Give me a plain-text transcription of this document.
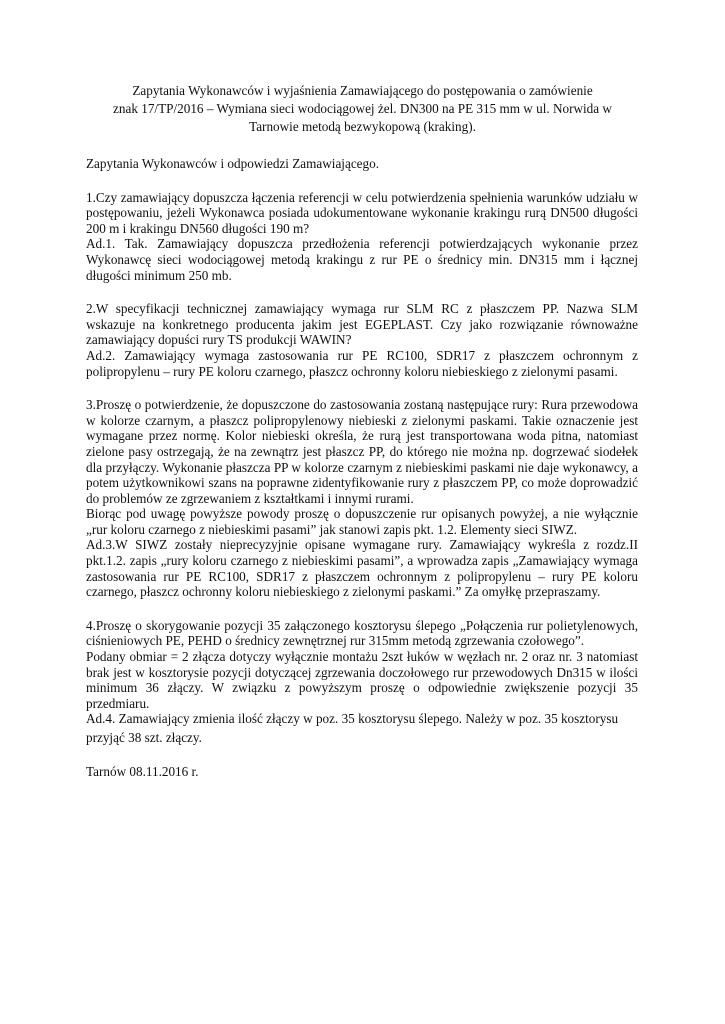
Zapytania Wykonawców i wyjaśnienia Zamawiającego do postępowania o zamówienie
znak 17/TP/2016 – Wymiana sieci wodociągowej żel. DN300 na PE 315 mm w ul. Norwida w
Tarnowie metodą bezwykopową (kraking).

Zapytania Wykonawców i odpowiedzi Zamawiającego.

1.Czy zamawiający dopuszcza łączenia referencji w celu potwierdzenia spełnienia warunków udziału w postępowaniu, jeżeli Wykonawca posiada udokumentowane wykonanie krakingu rurą DN500 długości 200 m i krakingu DN560 długości 190 m?

Ad.1. Tak. Zamawiający dopuszcza przedłożenia referencji potwierdzających wykonanie przez Wykonawcę sieci wodociągowej metodą krakingu z rur PE o średnicy min. DN315 mm i łącznej długości minimum 250 mb.

2.W specyfikacji technicznej zamawiający wymaga rur SLM RC z płaszczem PP. Nazwa SLM wskazuje na konkretnego producenta jakim jest EGEPLAST. Czy jako rozwiązanie równoważne zamawiający dopuści rury TS produkcji WAWIN?

Ad.2. Zamawiający wymaga zastosowania rur PE RC100, SDR17 z płaszczem ochronnym z polipropylenu – rury PE koloru czarnego, płaszcz ochronny koloru niebieskiego z zielonymi pasami.

3.Proszę o potwierdzenie, że dopuszczone do zastosowania zostaną następujące rury: Rura przewodowa w kolorze czarnym, a płaszcz polipropylenowy niebieski z zielonymi paskami. Takie oznaczenie jest wymagane przez normę. Kolor niebieski określa, że rurą jest transportowana woda pitna, natomiast zielone pasy ostrzegają, że na zewnątrz jest płaszcz PP, do którego nie można np. dogrzewać siodełek dla przyłączy. Wykonanie płaszcza PP w kolorze czarnym z niebieskimi paskami nie daje wykonawcy, a potem użytkownikowi szans na poprawne zidentyfikowanie rury z płaszczem PP, co może doprowadzić do problemów ze zgrzewaniem z kształtkami i innymi rurami.

Biorąc pod uwagę powyższe powody proszę o dopuszczenie rur opisanych powyżej, a nie wyłącznie „rur koloru czarnego z niebieskimi pasami” jak stanowi zapis pkt. 1.2. Elementy sieci SIWZ.

Ad.3.W SIWZ zostały nieprecyzyjnie opisane wymagane rury. Zamawiający wykreśla z rozdz.II pkt.1.2. zapis „rury koloru czarnego z niebieskimi pasami”, a wprowadza zapis „Zamawiający wymaga zastosowania rur PE RC100, SDR17 z płaszczem ochronnym z polipropylenu – rury PE koloru czarnego, płaszcz ochronny koloru niebieskiego z zielonymi paskami.” Za omyłkę przepraszamy.

4.Proszę o skorygowanie pozycji 35 załączonego kosztorysu ślepego „Połączenia rur polietylenowych, ciśnieniowych PE, PEHD o średnicy zewnętrznej rur 315mm metodą zgrzewania czołowego”.

Podany obmiar = 2 złącza dotyczy wyłącznie montażu 2szt łuków w węzłach nr. 2 oraz nr. 3 natomiast brak jest w kosztorysie pozycji dotyczącej zgrzewania doczołowego rur przewodowych Dn315 w ilości minimum 36 złączy. W związku z powyższym proszę o odpowiednie zwiększenie pozycji 35 przedmiaru.

Ad.4. Zamawiający zmienia ilość złączy w poz. 35 kosztorysu ślepego. Należy w poz. 35 kosztorysu

przyjąć 38 szt. złączy.

Tarnów 08.11.2016 r.
